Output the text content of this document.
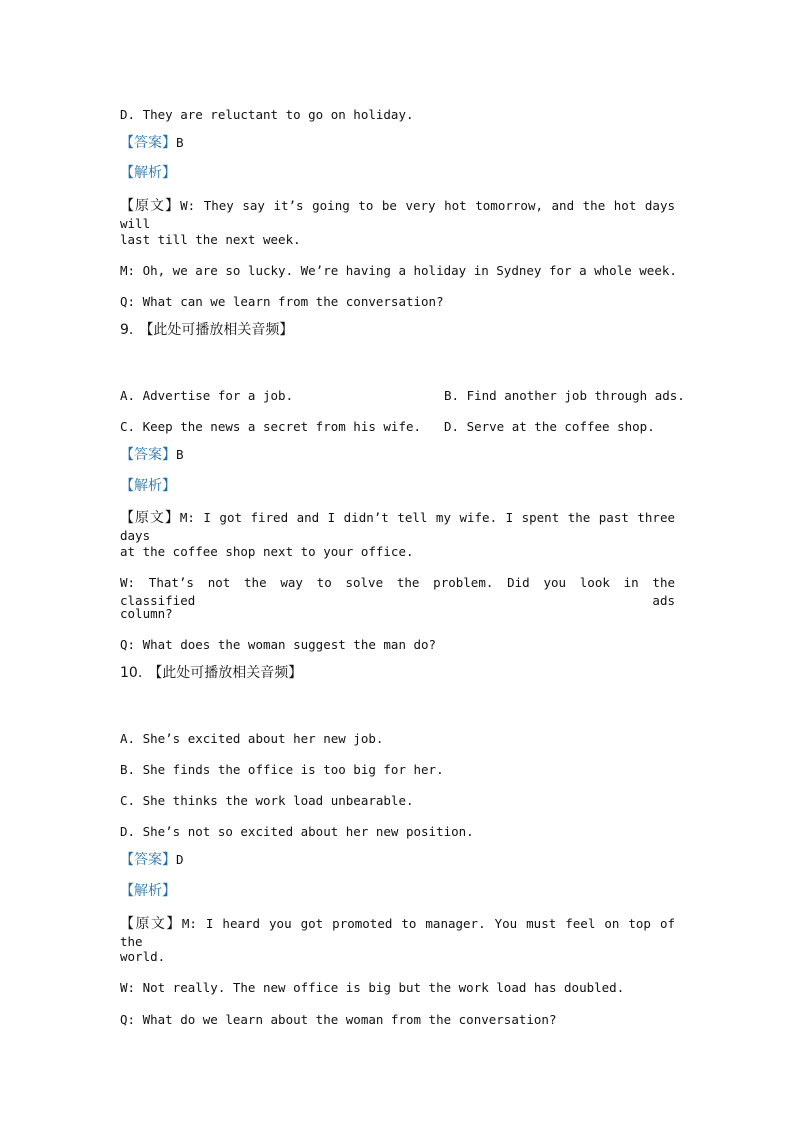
D. They are reluctant to go on holiday.
【答案】B
【解析】
【原文】W: They say it’s going to be very hot tomorrow, and the hot days will
last till the next week.
M: Oh, we are so lucky. We’re having a holiday in Sydney for a whole week.
Q: What can we learn from the conversation?
9. 【此处可播放相关音频】
A. Advertise for a job.	B. Find another job through ads.
C. Keep the news a secret from his wife. D. Serve at the coffee shop.
【答案】B
【解析】
【原文】M: I got fired and I didn’t tell my wife. I spent the past three days
at the coffee shop next to your office.
W: That’s not the way to solve the problem. Did you look in the classified ads
column?
Q: What does the woman suggest the man do?
10. 【此处可播放相关音频】
A. She’s excited about her new job.
B. She finds the office is too big for her.
C. She thinks the work load unbearable.
D. She’s not so excited about her new position.
【答案】D
【解析】
【原文】M: I heard you got promoted to manager. You must feel on top of the
world.
W: Not really. The new office is big but the work load has doubled.
Q: What do we learn about the woman from the conversation?
